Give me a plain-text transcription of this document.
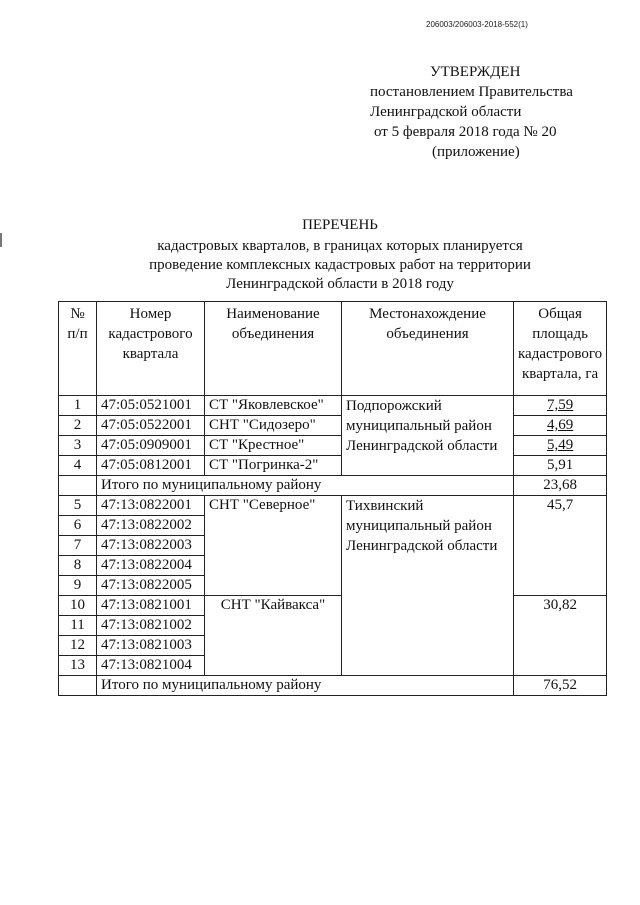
206003/206003-2018-552(1)
УТВЕРЖДЕН
постановлением Правительства
Ленинградской области
от 5 февраля 2018 года № 20
(приложение)
ПЕРЕЧЕНЬ
кадастровых кварталов, в границах которых планируется
проведение комплексных кадастровых работ на территории
Ленинградской области в 2018 году
№ п/п	Номер кадастрового квартала	Наименование объединения	Местонахождение объединения	Общая площадь кадастрового квартала, га
1	47:05:0521001	СТ "Яковлевское"	Подпорожский муниципальный район Ленинградской области	7,59
2	47:05:0522001	СНТ "Сидозеро"		4,69
3	47:05:0909001	СТ "Крестное"		5,49
4	47:05:0812001	СТ "Погринка-2"		5,91
	Итого по муниципальному району			23,68
5	47:13:0822001	СНТ "Северное"	Тихвинский муниципальный район Ленинградской области	45,7
6	47:13:0822002			
7	47:13:0822003			
8	47:13:0822004			
9	47:13:0822005			
10	47:13:0821001	СНТ "Кайвакса"		30,82
11	47:13:0821002			
12	47:13:0821003			
13	47:13:0821004			
	Итого по муниципальному району			76,52
